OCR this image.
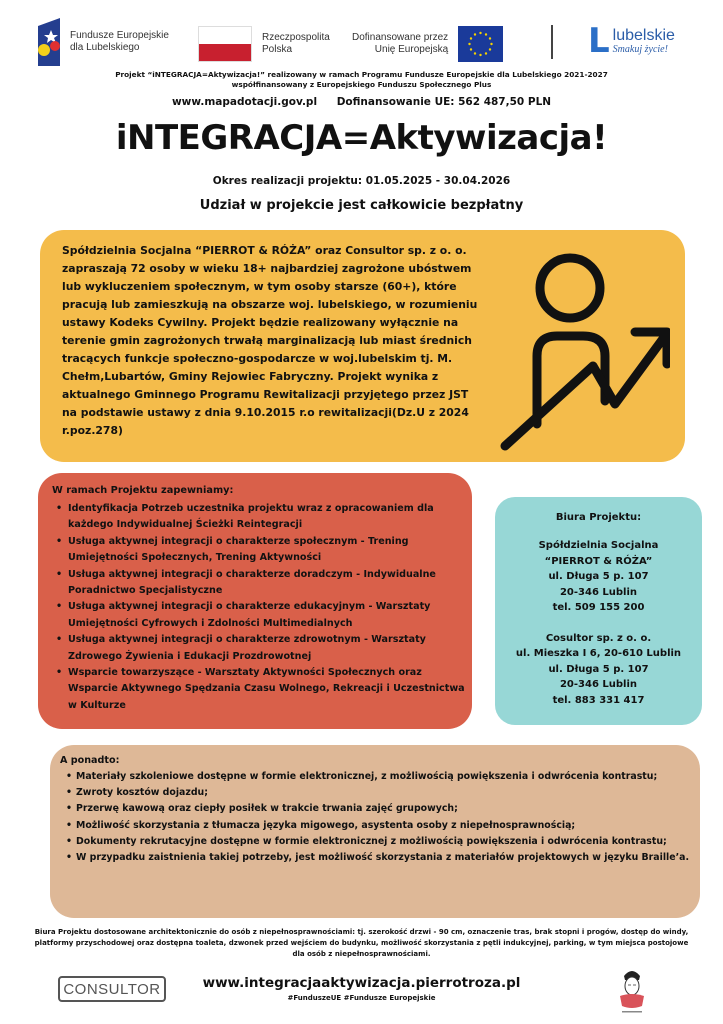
Fundusze Europejskie
dla Lubelskiego
Rzeczpospolita
Polska
Dofinansowane przez
Unię Europejską	L lubelskie
Smakuj życie!
Projekt “iNTEGRACJA=Aktywizacja!” realizowany w ramach Programu Fundusze Europejskie dla Lubelskiego 2021-2027
współfinansowany z Europejskiego Funduszu Społecznego Plus
www.mapadotacji.gov.pl Dofinansowanie UE: 562 487,50 PLN
iNTEGRACJA=Aktywizacja!
Okres realizacji projektu: 01.05.2025 - 30.04.2026
Udział w projekcie jest całkowicie bezpłatny
Spółdzielnia Socjalna “PIERROT & RÓŻA” oraz Consultor sp. z o. o. zapraszają 72 osoby w wieku 18+ najbardziej zagrożone ubóstwem lub wykluczeniem społecznym, w tym osoby starsze (60+), które pracują lub zamieszkują na obszarze woj. lubelskiego, w rozumieniu ustawy Kodeks Cywilny. Projekt będzie realizowany wyłącznie na terenie gmin zagrożonych trwałą marginalizacją lub miast średnich tracących funkcje społeczno-gospodarcze w woj.lubelskim tj. M. Chełm,Lubartów, Gminy Rejowiec Fabryczny. Projekt wynika z aktualnego Gminnego Programu Rewitalizacji przyjętego przez JST na podstawie ustawy z dnia 9.10.2015 r.o rewitalizacji(Dz.U z 2024 r.poz.278)
W ramach Projektu zapewniamy:
• Identyfikacja Potrzeb uczestnika projektu wraz z opracowaniem dla każdego Indywidualnej Ścieżki Reintegracji
• Usługa aktywnej integracji o charakterze społecznym - Trening Umiejętności Społecznych, Trening Aktywności
• Usługa aktywnej integracji o charakterze doradczym - Indywidualne Poradnictwo Specjalistyczne
• Usługa aktywnej integracji o charakterze edukacyjnym - Warsztaty Umiejętności Cyfrowych i Zdolności Multimedialnych
• Usługa aktywnej integracji o charakterze zdrowotnym - Warsztaty Zdrowego Żywienia i Edukacji Prozdrowotnej
• Wsparcie towarzyszące - Warsztaty Aktywności Społecznych oraz Wsparcie Aktywnego Spędzania Czasu Wolnego, Rekreacji i Uczestnictwa w Kulturze
Biura Projektu:
Spółdzielnia Socjalna
“PIERROT & RÓŻA”
ul. Długa 5 p. 107
20-346 Lublin
tel. 509 155 200
Cosultor sp. z o. o.
ul. Mieszka I 6, 20-610 Lublin
ul. Długa 5 p. 107
20-346 Lublin
tel. 883 331 417
A ponadto:
• Materiały szkoleniowe dostępne w formie elektronicznej, z możliwością powiększenia i odwrócenia kontrastu;
• Zwroty kosztów dojazdu;
• Przerwę kawową oraz ciepły posiłek w trakcie trwania zajęć grupowych;
• Możliwość skorzystania z tłumacza języka migowego, asystenta osoby z niepełnosprawnością;
• Dokumenty rekrutacyjne dostępne w formie elektronicznej z możliwością powiększenia i odwrócenia kontrastu;
• W przypadku zaistnienia takiej potrzeby, jest możliwość skorzystania z materiałów projektowych w języku Braille’a.
Biura Projektu dostosowane architektonicznie do osób z niepełnosprawnościami: tj. szerokość drzwi - 90 cm, oznaczenie tras, brak stopni i progów, dostęp do windy, platformy przyschodowej oraz dostępna toaleta, dzwonek przed wejściem do budynku, możliwość skorzystania z pętli indukcyjnej, parking, w tym miejsca postojowe dla osób z niepełnosprawnościami.
CONSULTOR	www.integracjaaktywizacja.pierrotroza.pl
#FunduszeUE #Fundusze Europejskie
